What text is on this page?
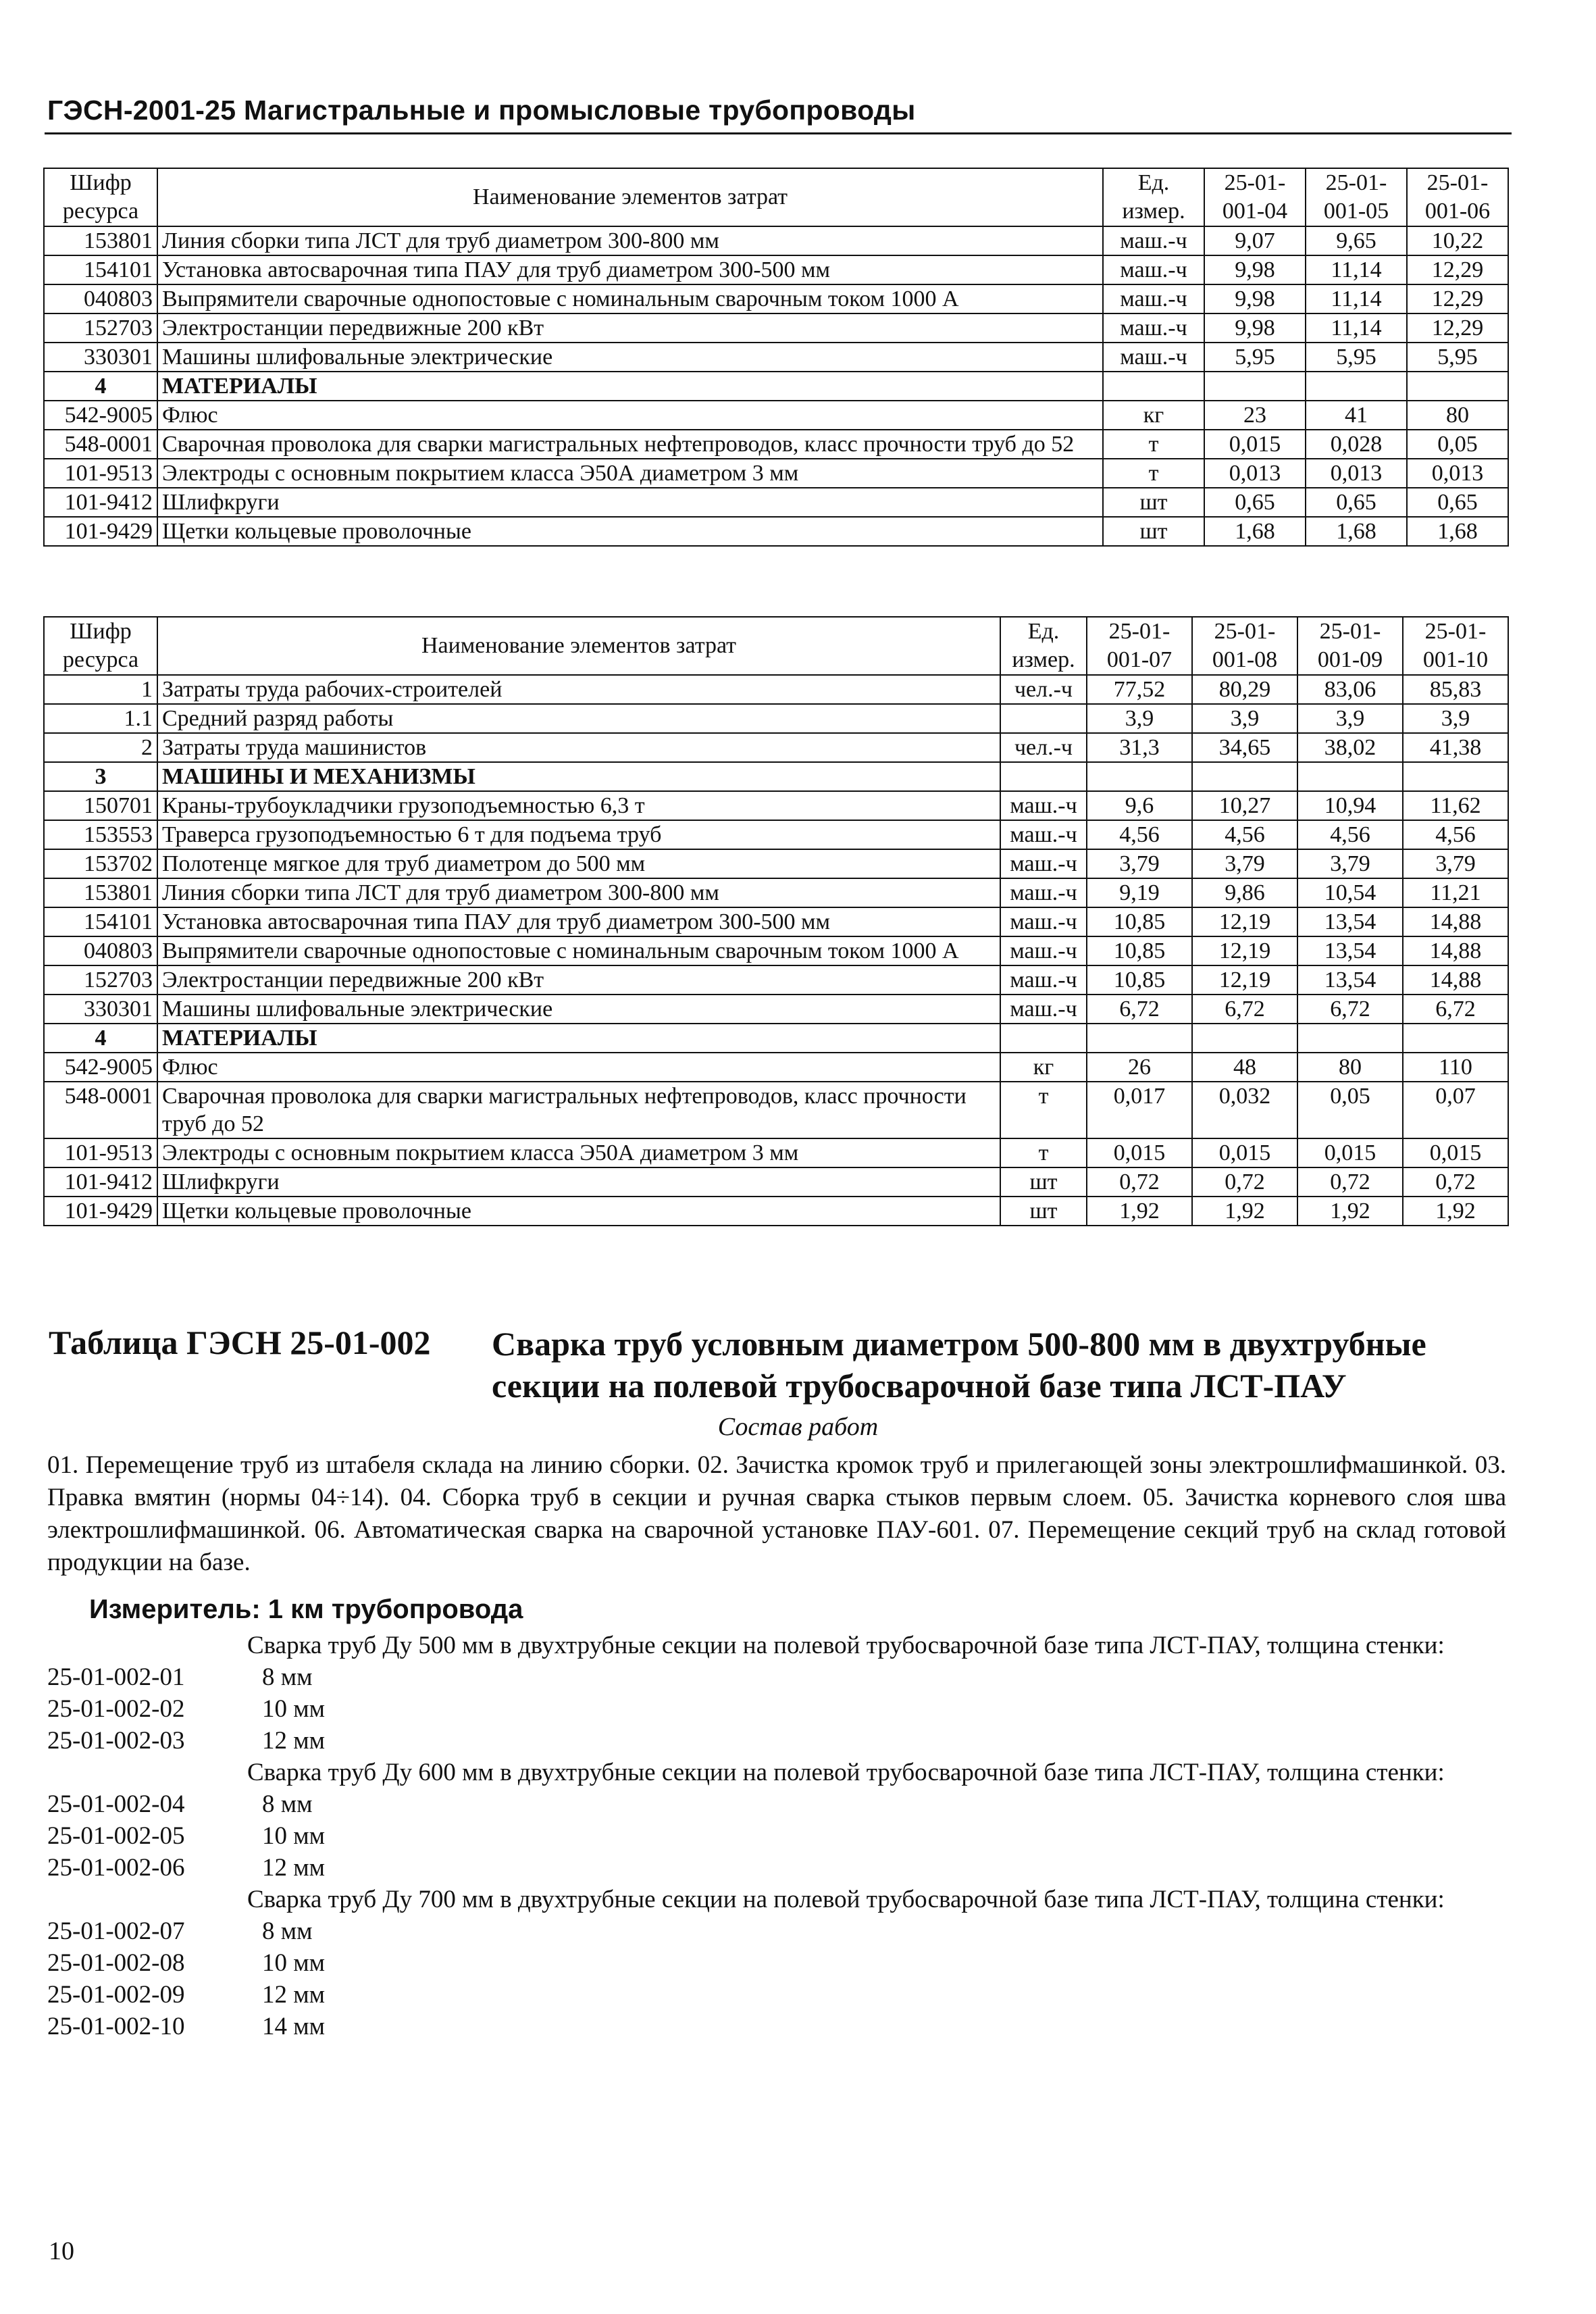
ГЭСН-2001-25 Магистральные и промысловые трубопроводы
Шифр ресурса	Наименование элементов затрат	Ед. измер.	25-01-001-04	25-01-001-05	25-01-001-06
153801	Линия сборки типа ЛСТ для труб диаметром 300-800 мм	маш.-ч	9,07	9,65	10,22
154101	Установка автосварочная типа ПАУ для труб диаметром 300-500 мм	маш.-ч	9,98	11,14	12,29
040803	Выпрямители сварочные однопостовые с номинальным сварочным током 1000 А	маш.-ч	9,98	11,14	12,29
152703	Электростанции передвижные 200 кВт	маш.-ч	9,98	11,14	12,29
330301	Машины шлифовальные электрические	маш.-ч	5,95	5,95	5,95
4	МАТЕРИАЛЫ				
542-9005	Флюс	кг	23	41	80
548-0001	Сварочная проволока для сварки магистральных нефтепроводов, класс прочности труб до 52	т	0,015	0,028	0,05
101-9513	Электроды с основным покрытием класса Э50А диаметром 3 мм	т	0,013	0,013	0,013
101-9412	Шлифкруги	шт	0,65	0,65	0,65
101-9429	Щетки кольцевые проволочные	шт	1,68	1,68	1,68
Шифр ресурса	Наименование элементов затрат	Ед. измер.	25-01-001-07	25-01-001-08	25-01-001-09	25-01-001-10
1	Затраты труда рабочих-строителей	чел.-ч	77,52	80,29	83,06	85,83
1.1	Средний разряд работы		3,9	3,9	3,9	3,9
2	Затраты труда машинистов	чел.-ч	31,3	34,65	38,02	41,38
3	МАШИНЫ И МЕХАНИЗМЫ					
150701	Краны-трубоукладчики грузоподъемностью 6,3 т	маш.-ч	9,6	10,27	10,94	11,62
153553	Траверса грузоподъемностью 6 т для подъема труб	маш.-ч	4,56	4,56	4,56	4,56
153702	Полотенце мягкое для труб диаметром до 500 мм	маш.-ч	3,79	3,79	3,79	3,79
153801	Линия сборки типа ЛСТ для труб диаметром 300-800 мм	маш.-ч	9,19	9,86	10,54	11,21
154101	Установка автосварочная типа ПАУ для труб диаметром 300-500 мм	маш.-ч	10,85	12,19	13,54	14,88
040803	Выпрямители сварочные однопостовые с номинальным сварочным током 1000 А	маш.-ч	10,85	12,19	13,54	14,88
152703	Электростанции передвижные 200 кВт	маш.-ч	10,85	12,19	13,54	14,88
330301	Машины шлифовальные электрические	маш.-ч	6,72	6,72	6,72	6,72
4	МАТЕРИАЛЫ					
542-9005	Флюс	кг	26	48	80	110
548-0001	Сварочная проволока для сварки магистральных нефтепроводов, класс прочности труб до 52	т	0,017	0,032	0,05	0,07
101-9513	Электроды с основным покрытием класса Э50А диаметром 3 мм	т	0,015	0,015	0,015	0,015
101-9412	Шлифкруги	шт	0,72	0,72	0,72	0,72
101-9429	Щетки кольцевые проволочные	шт	1,92	1,92	1,92	1,92
Таблица ГЭСН 25-01-002 Сварка труб условным диаметром 500-800 мм в двухтрубные секции на полевой трубосварочной базе типа ЛСТ-ПАУ
Состав работ
01. Перемещение труб из штабеля склада на линию сборки. 02. Зачистка кромок труб и прилегающей зоны электрошлифмашинкой. 03. Правка вмятин (нормы 04÷14). 04. Сборка труб в секции и ручная сварка стыков первым слоем. 05. Зачистка корневого слоя шва электрошлифмашинкой. 06. Автоматическая сварка на сварочной установке ПАУ-601. 07. Перемещение секций труб на склад готовой продукции на базе.
Измеритель: 1 км трубопровода
Сварка труб Ду 500 мм в двухтрубные секции на полевой трубосварочной базе типа ЛСТ-ПАУ, толщина стенки:
25-01-002-01	8 мм
25-01-002-02	10 мм
25-01-002-03	12 мм
Сварка труб Ду 600 мм в двухтрубные секции на полевой трубосварочной базе типа ЛСТ-ПАУ, толщина стенки:
25-01-002-04	8 мм
25-01-002-05	10 мм
25-01-002-06	12 мм
Сварка труб Ду 700 мм в двухтрубные секции на полевой трубосварочной базе типа ЛСТ-ПАУ, толщина стенки:
25-01-002-07	8 мм
25-01-002-08	10 мм
25-01-002-09	12 мм
25-01-002-10	14 мм
10
